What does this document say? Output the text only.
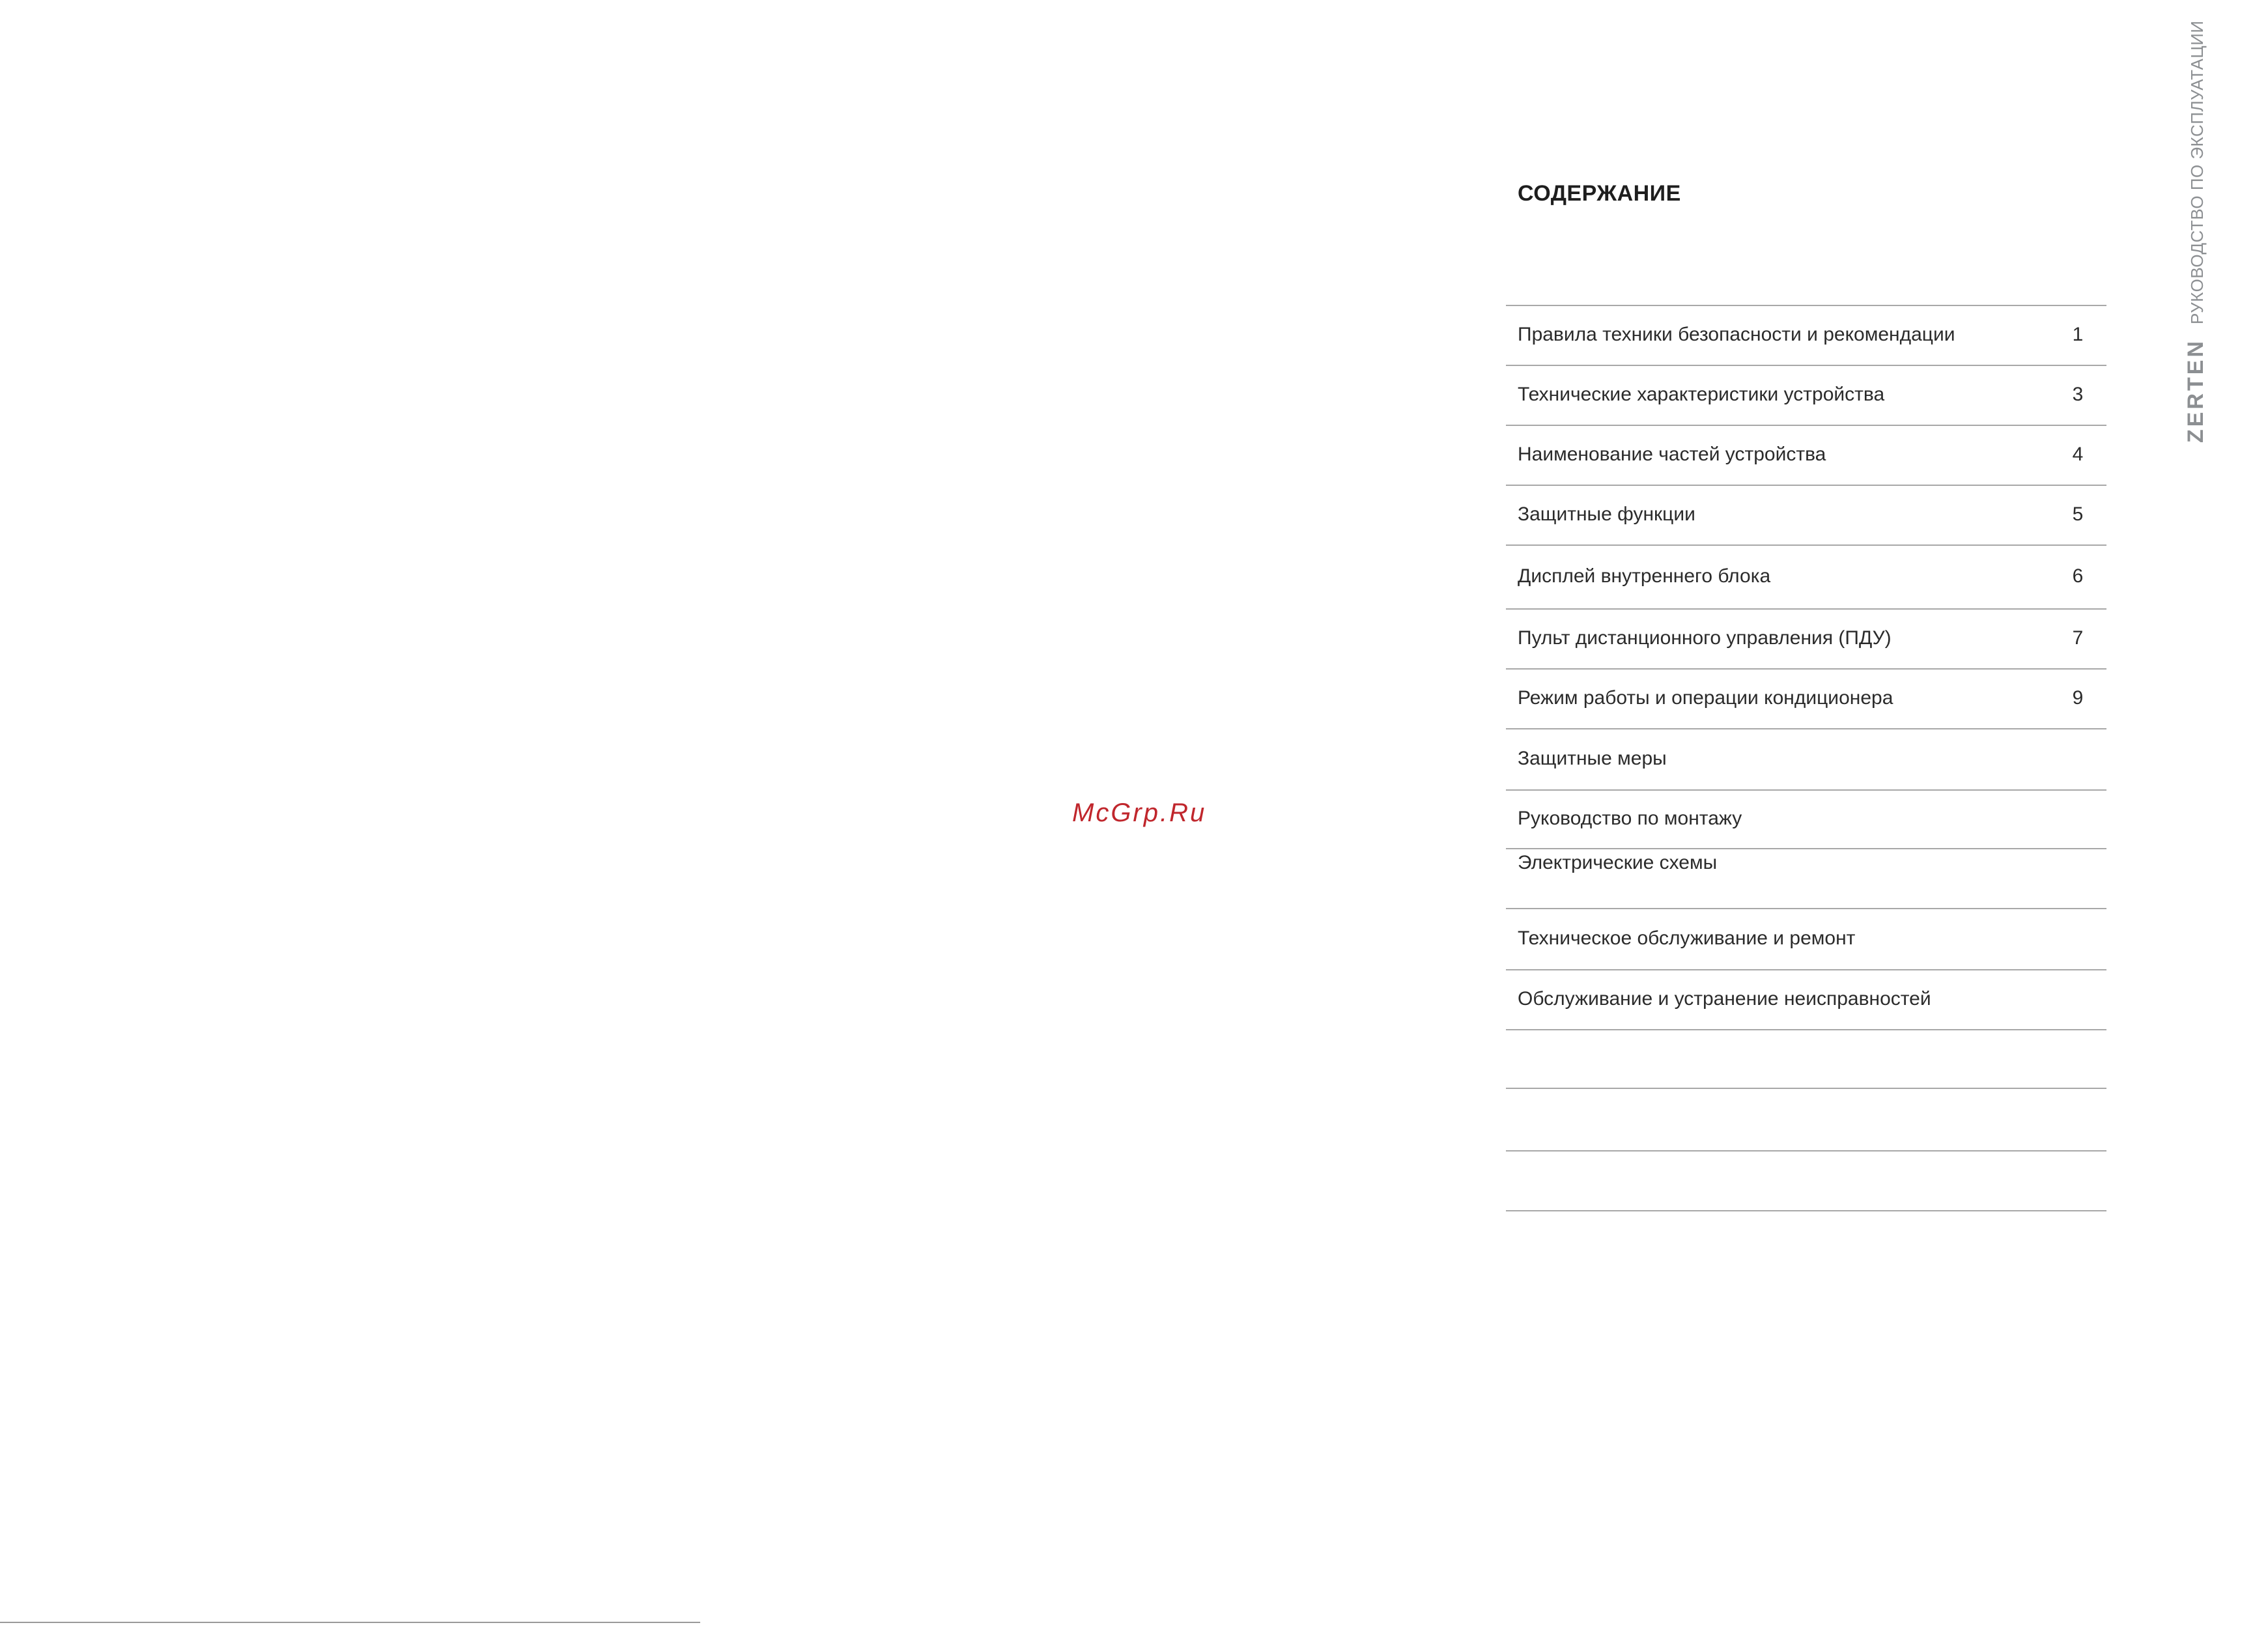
СОДЕРЖАНИЕ
Правила техники безопасности и рекомендации	1
Технические характеристики устройства	3
Наименование частей устройства	4
Защитные функции	5
Дисплей внутреннего блока	6
Пульт дистанционного управления (ПДУ)	7
Режим работы и операции кондиционера	9
Защитные меры
Руководство по монтажу
Электрические схемы
Техническое обслуживание и ремонт
Обслуживание и устранение неисправностей
ZERTEN
РУКОВОДСТВО ПО ЭКСПЛУАТАЦИИ
McGrp.Ru
